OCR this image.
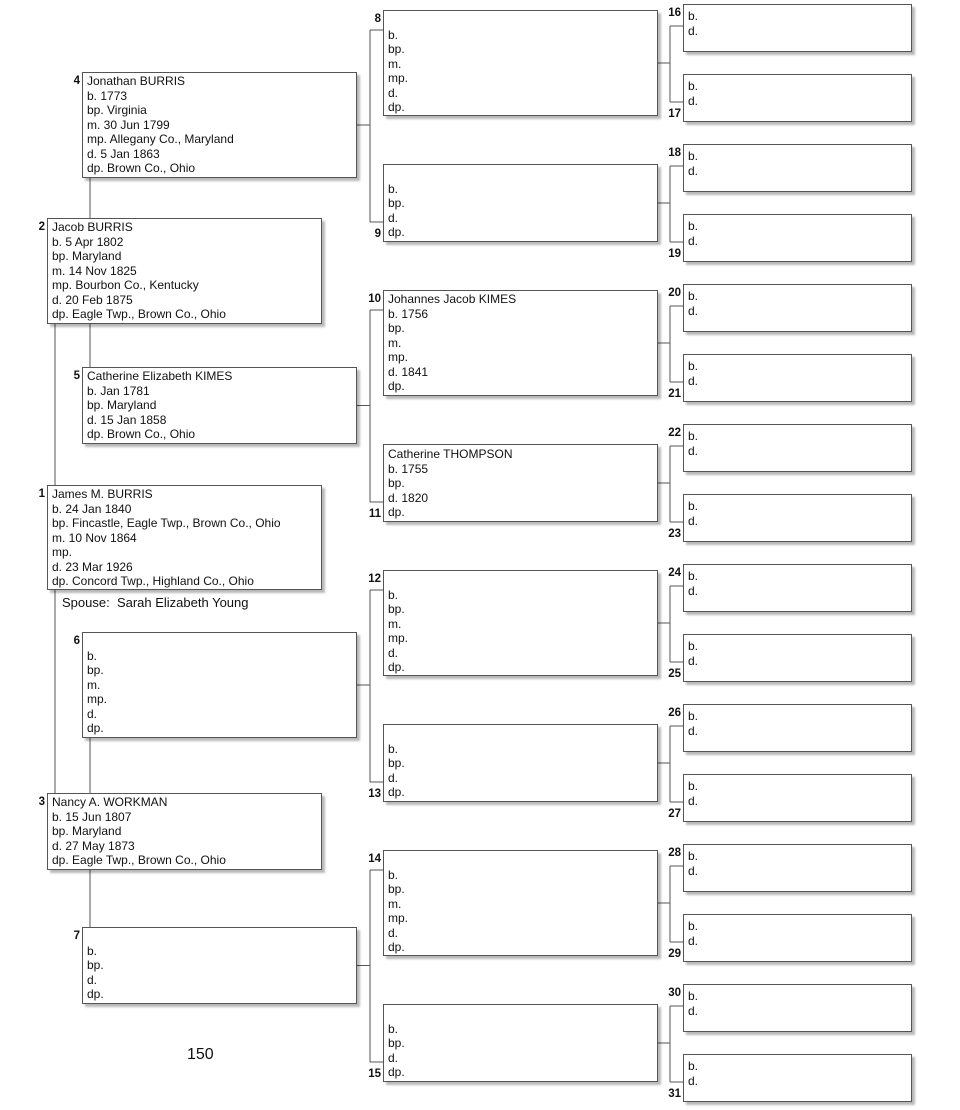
Spouse: Sarah Elizabeth Young
150
James M. BURRIS
b. 24 Jan 1840
bp. Fincastle, Eagle Twp., Brown Co., Ohio
m. 10 Nov 1864
mp.
d. 23 Mar 1926
dp. Concord Twp., Highland Co., Ohio
1
Jacob BURRIS
b. 5 Apr 1802
bp. Maryland
m. 14 Nov 1825
mp. Bourbon Co., Kentucky
d. 20 Feb 1875
dp. Eagle Twp., Brown Co., Ohio
2
Nancy A. WORKMAN
b. 15 Jun 1807
bp. Maryland
d. 27 May 1873
dp. Eagle Twp., Brown Co., Ohio
3
Jonathan BURRIS
b. 1773
bp. Virginia
m. 30 Jun 1799
mp. Allegany Co., Maryland
d. 5 Jan 1863
dp. Brown Co., Ohio
4
Catherine Elizabeth KIMES
b. Jan 1781
bp. Maryland
d. 15 Jan 1858
dp. Brown Co., Ohio
5
b.
bp.
m.
mp.
d.
dp.
6
b.
bp.
d.
dp.
7
b.
bp.
m.
mp.
d.
dp.
8
b.
bp.
d.
dp.
9
Johannes Jacob KIMES
b. 1756
bp.
m.
mp.
d. 1841
dp.
10
Catherine THOMPSON
b. 1755
bp.
d. 1820
dp.
11
b.
bp.
m.
mp.
d.
dp.
12
b.
bp.
d.
dp.
13
b.
bp.
m.
mp.
d.
dp.
14
b.
bp.
d.
dp.
15
b.
d.
16
b.
d.
17
b.
d.
18
b.
d.
19
b.
d.
20
b.
d.
21
b.
d.
22
b.
d.
23
b.
d.
24
b.
d.
25
b.
d.
26
b.
d.
27
b.
d.
28
b.
d.
29
b.
d.
30
b.
d.
31
